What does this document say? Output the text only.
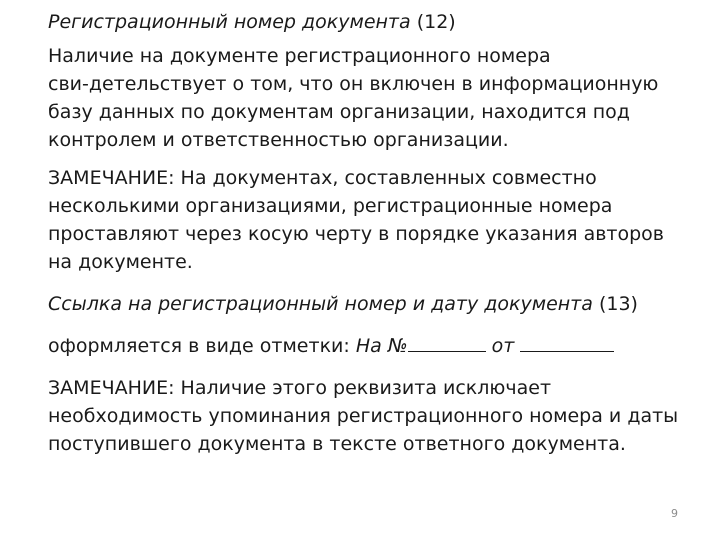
Регистрационный номер документа (12)

Наличие на документе регистрационного номера

сви-детельствует о том, что он включен в информационную

базу данных по документам организации, находится под

контролем и ответственностью организации.

ЗАМЕЧАНИЕ: На документах, составленных совместно

несколькими организациями, регистрационные номера

проставляют через косую черту в порядке указания авторов

на документе.

Ссылка на регистрационный номер и дату документа (13)

оформляется в виде отметки: На №	от

ЗАМЕЧАНИЕ: Наличие этого реквизита исключает

необходимость упоминания регистрационного номера и даты

поступившего документа в тексте ответного документа.

9
